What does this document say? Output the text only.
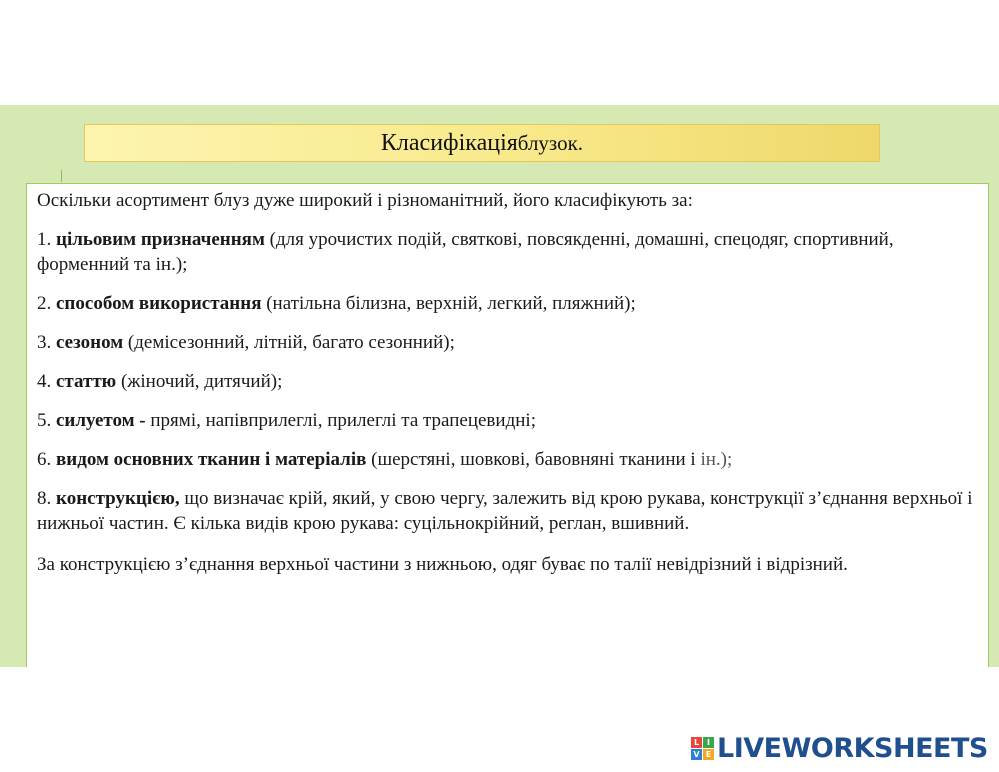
Класифікація блузок.

Оскільки асортимент блуз дуже широкий і різноманітний, його класифікують за:

1. цільовим призначенням (для урочистих подій, святкові, повсякденні, домашні, спецодяг, спортивний, форменний та ін.);

2. способом використання (натільна білизна, верхній, легкий, пляжний);

3. сезоном (демісезонний, літній, багато сезонний);

4. статтю (жіночий, дитячий);

5. силуетом - прямі, напівприлеглі, прилеглі та трапецевидні;

6. видом основних тканин і матеріалів (шерстяні, шовкові, бавовняні тканини і ін.);

8. конструкцією, що визначає крій, який, у свою чергу, залежить від крою рукава, конструкції з’єднання верхньої і нижньої частин. Є кілька видів крою рукава: суцільнокрійний, реглан, вшивний.

За конструкцією з’єднання верхньої частини з нижньою, одяг буває по талії невідрізний і відрізний.

L I
V E LIVEWORKSHEETS
